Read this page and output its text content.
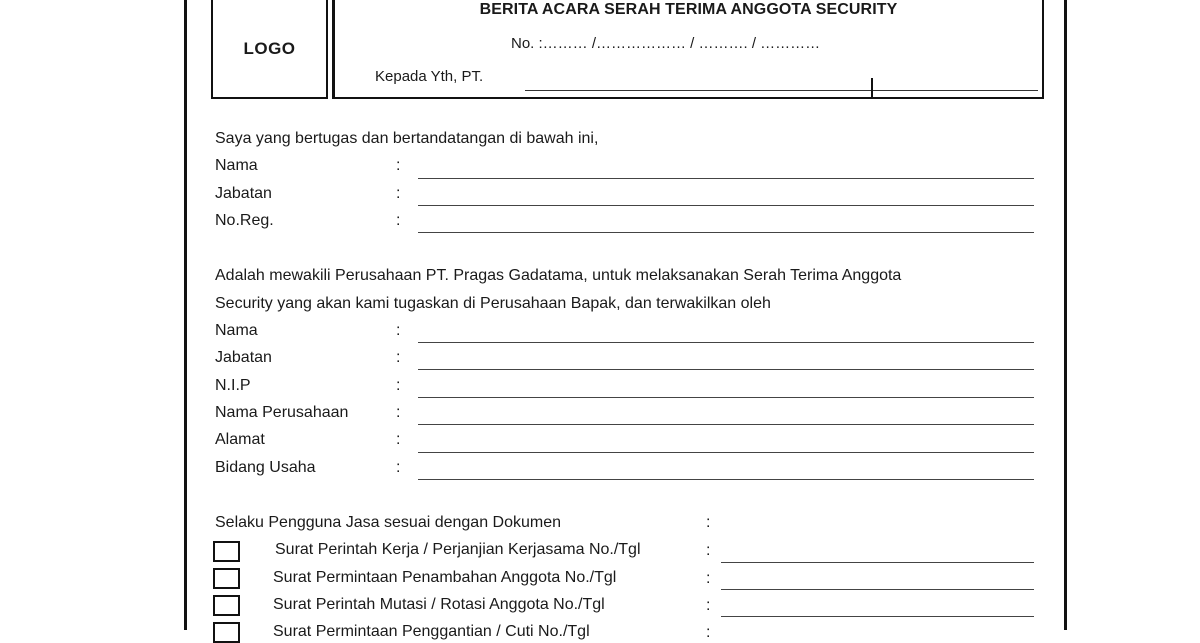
LOGO
BERITA ACARA SERAH TERIMA ANGGOTA SECURITY
No. :……… /……………… / ………. / …………
Kepada Yth, PT.
Saya yang bertugas dan bertandatangan di bawah ini,
Nama	:
Jabatan	:
No.Reg.	:
Adalah mewakili Perusahaan PT. Pragas Gadatama, untuk melaksanakan Serah Terima Anggota
Security yang akan kami tugaskan di Perusahaan Bapak, dan terwakilkan oleh
Nama	:
Jabatan	:
N.I.P	:
Nama Perusahaan	:
Alamat	:
Bidang Usaha	:
Selaku Pengguna Jasa sesuai dengan Dokumen	:
Surat Perintah Kerja / Perjanjian Kerjasama No./Tgl	:
Surat Permintaan Penambahan Anggota No./Tgl	:
Surat Perintah Mutasi / Rotasi Anggota No./Tgl	:
Surat Permintaan Penggantian / Cuti No./Tgl	:
